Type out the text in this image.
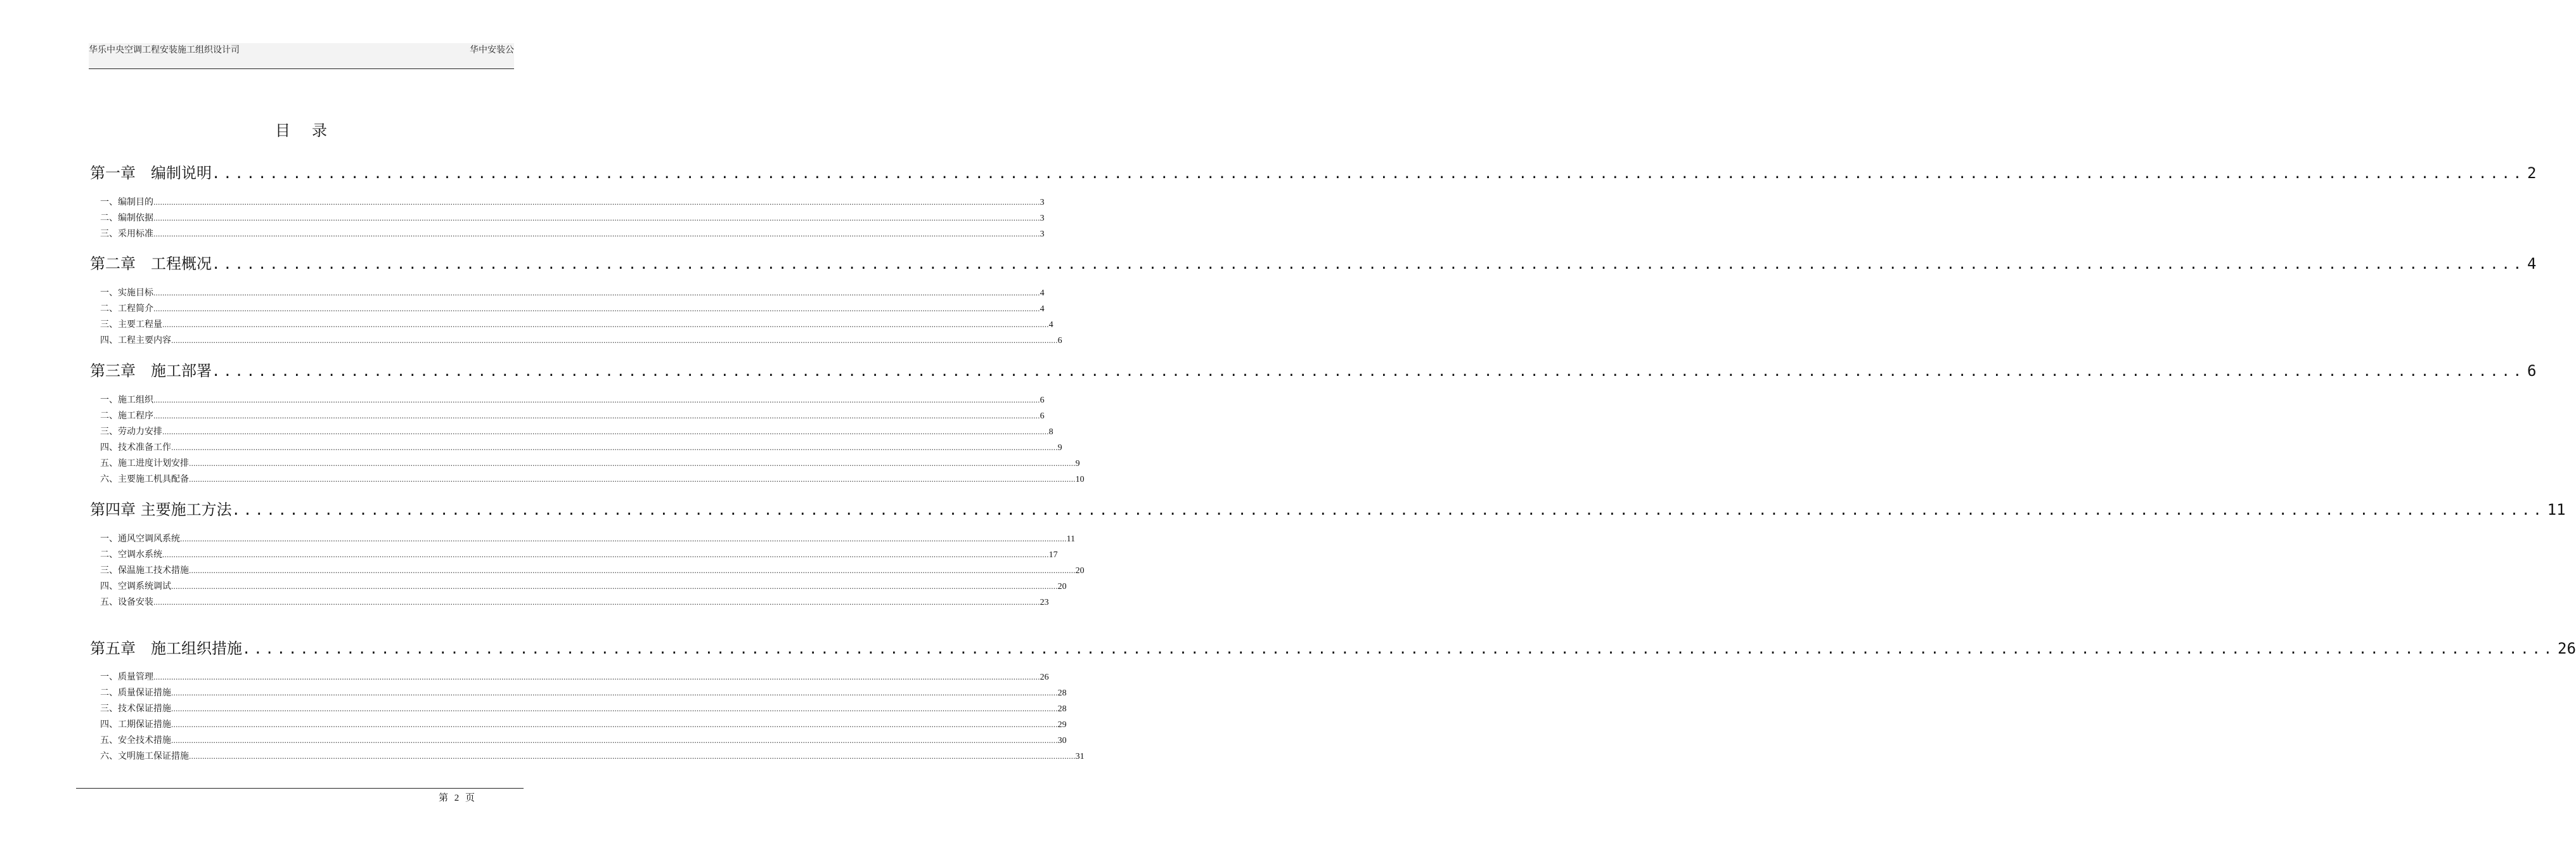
华乐中央空调工程安装施工组织设计司	华中安装公
目录
第一章　编制说明 ........................................................................................................................................................................................................ 2
一、编制目的 ................................................................................................................................................................................................................................................................................................................................................................................................................ 3
二、编制依据 ................................................................................................................................................................................................................................................................................................................................................................................................................ 3
三、采用标准 ................................................................................................................................................................................................................................................................................................................................................................................................................ 3
第二章　工程概况 ........................................................................................................................................................................................................ 4
一、实施目标 ................................................................................................................................................................................................................................................................................................................................................................................................................ 4
二、工程简介 ................................................................................................................................................................................................................................................................................................................................................................................................................ 4
三、主要工程量 ................................................................................................................................................................................................................................................................................................................................................................................................................ 4
四、工程主要内容 ................................................................................................................................................................................................................................................................................................................................................................................................................ 6
第三章　施工部署 ........................................................................................................................................................................................................ 6
一、施工组织 ................................................................................................................................................................................................................................................................................................................................................................................................................ 6
二、施工程序 ................................................................................................................................................................................................................................................................................................................................................................................................................ 6
三、劳动力安排 ................................................................................................................................................................................................................................................................................................................................................................................................................ 8
四、技术准备工作 ................................................................................................................................................................................................................................................................................................................................................................................................................ 9
五、施工进度计划安排 ................................................................................................................................................................................................................................................................................................................................................................................................................ 9
六、主要施工机具配备 ................................................................................................................................................................................................................................................................................................................................................................................................................ 10
第四章 主要施工方法 ........................................................................................................................................................................................................ 11
一、通风空调风系统 ................................................................................................................................................................................................................................................................................................................................................................................................................ 11
二、空调水系统 ................................................................................................................................................................................................................................................................................................................................................................................................................ 17
三、保温施工技术措施 ................................................................................................................................................................................................................................................................................................................................................................................................................ 20
四、空调系统调试 ................................................................................................................................................................................................................................................................................................................................................................................................................ 20
五、设备安装 ................................................................................................................................................................................................................................................................................................................................................................................................................ 23
第五章　施工组织措施 ........................................................................................................................................................................................................ 26
一、质量管理 ................................................................................................................................................................................................................................................................................................................................................................................................................ 26
二、质量保证措施 ................................................................................................................................................................................................................................................................................................................................................................................................................ 28
三、技术保证措施 ................................................................................................................................................................................................................................................................................................................................................................................................................ 28
四、工期保证措施 ................................................................................................................................................................................................................................................................................................................................................................................................................ 29
五、安全技术措施 ................................................................................................................................................................................................................................................................................................................................................................................................................ 30
六、文明施工保证措施 ................................................................................................................................................................................................................................................................................................................................................................................................................ 31
第 2 页
